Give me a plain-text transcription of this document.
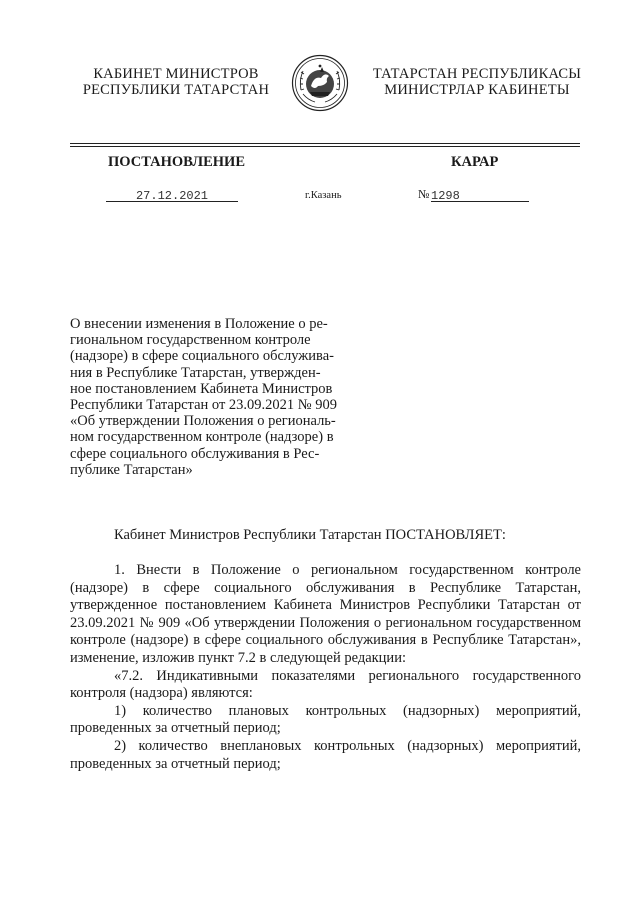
КАБИНЕТ МИНИСТРОВ
РЕСПУБЛИКИ ТАТАРСТАН
ТАТАРСТАН РЕСПУБЛИКАСЫ
МИНИСТРЛАР КАБИНЕТЫ
ПОСТАНОВЛЕНИЕ	КАРАР
27.12.2021	г.Казань	№ 1298
О внесении изменения в Положение о ре-
гиональном государственном контроле
(надзоре) в сфере социального обслужива-
ния в Республике Татарстан, утвержден-
ное постановлением Кабинета Министров
Республики Татарстан от 23.09.2021 № 909
«Об утверждении Положения о региональ-
ном государственном контроле (надзоре) в
сфере социального обслуживания в Рес-
публике Татарстан»
Кабинет Министров Республики Татарстан ПОСТАНОВЛЯЕТ:
1. Внести в Положение о региональном государственном контроле (надзоре) в сфере социального обслуживания в Республике Татарстан, утвержденное постановлением Кабинета Министров Республики Татарстан от 23.09.2021 № 909 «Об утверждении Положения о региональном государственном контроле (надзоре) в сфере социального обслуживания в Республике Татарстан», изменение, изложив пункт 7.2 в следующей редакции:
«7.2. Индикативными показателями регионального государственного контроля (надзора) являются:
1) количество плановых контрольных (надзорных) мероприятий, проведенных за отчетный период;
2) количество внеплановых контрольных (надзорных) мероприятий, проведенных за отчетный период;
